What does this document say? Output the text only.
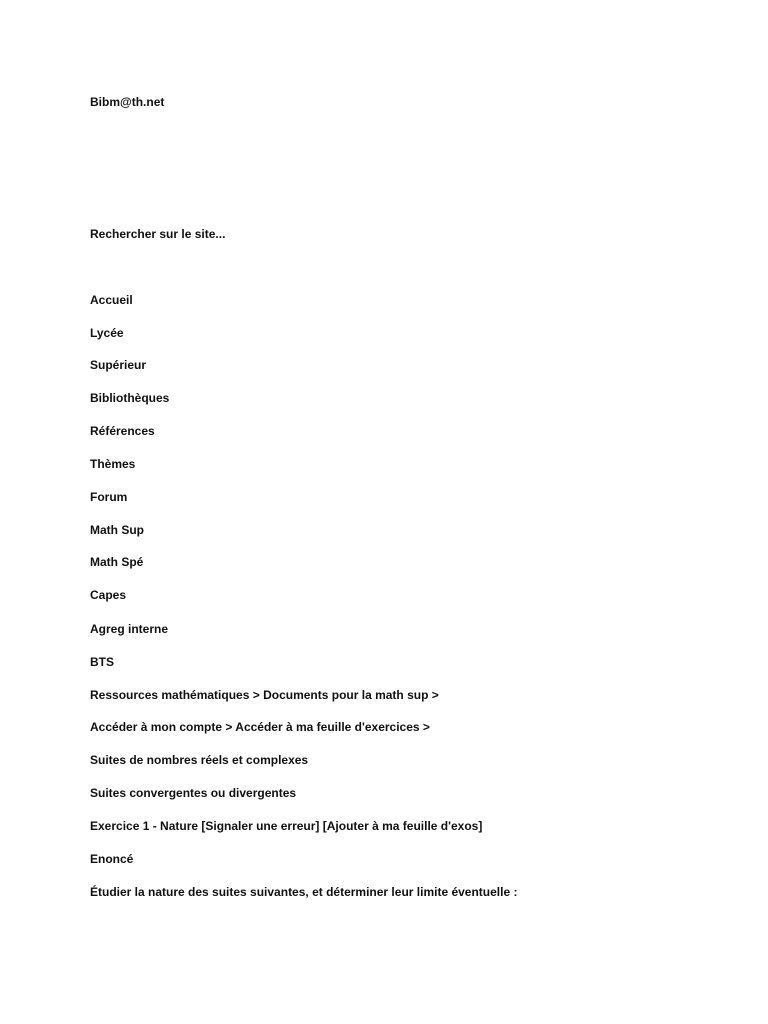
Bibm@th.net
Rechercher sur le site...
Accueil
Lycée
Supérieur
Bibliothèques
Références
Thèmes
Forum
Math Sup
Math Spé
Capes
Agreg interne
BTS
Ressources mathématiques > Documents pour la math sup >
Accéder à mon compte > Accéder à ma feuille d'exercices >
Suites de nombres réels et complexes
Suites convergentes ou divergentes
Exercice 1 - Nature [Signaler une erreur] [Ajouter à ma feuille d'exos]
Enoncé
Étudier la nature des suites suivantes, et déterminer leur limite éventuelle :
